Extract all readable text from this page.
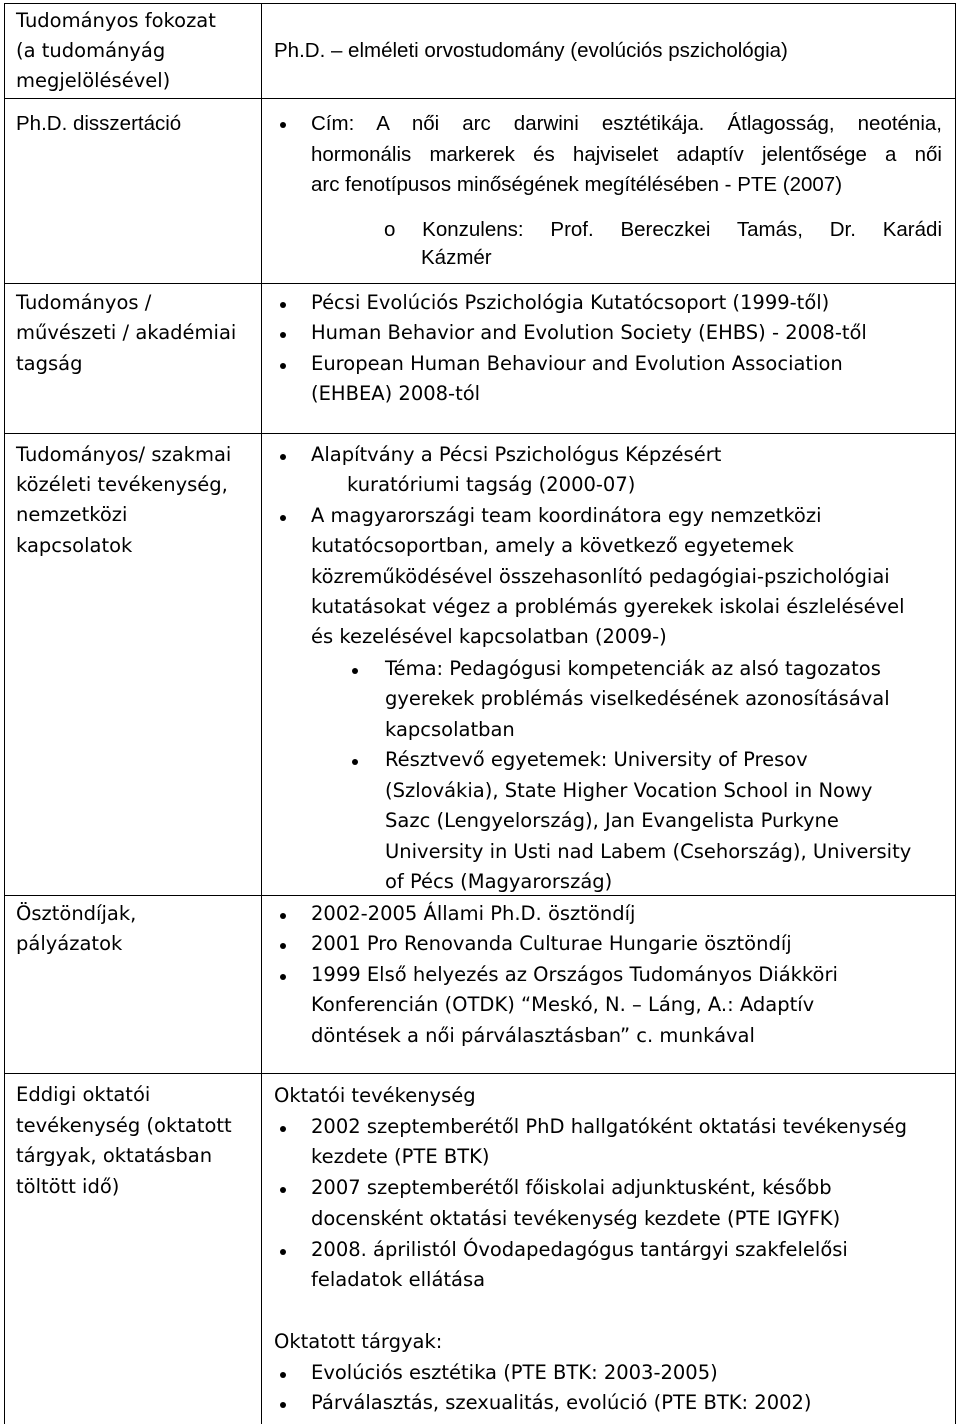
Tudományos fokozat
(a tudományág
megjelölésével)
Ph.D. – elméleti orvostudomány (evolúciós pszichológia)
Ph.D. disszertáció	Cím: A női arc darwini esztétikája. Átlagosság, neoténia,
hormonális markerek és hajviselet adaptív jelentősége a női
arc fenotípusos minőségének megítélésében - PTE (2007)
o Konzulens: Prof. Bereczkei Tamás, Dr. Karádi
Kázmér
Tudományos /
művészeti / akadémiai
tagság
Pécsi Evolúciós Pszichológia Kutatócsoport (1999-től)
Human Behavior and Evolution Society (EHBS) - 2008-től
European Human Behaviour and Evolution Association
(EHBEA) 2008-tól
Tudományos/ szakmai
közéleti tevékenység,
nemzetközi
kapcsolatok
Alapítvány a Pécsi Pszichológus Képzésért
kuratóriumi tagság (2000-07)
A magyarországi team koordinátora egy nemzetközi
kutatócsoportban, amely a következő egyetemek
közreműködésével összehasonlító pedagógiai-pszichológiai
kutatásokat végez a problémás gyerekek iskolai észlelésével
és kezelésével kapcsolatban (2009-)
Téma: Pedagógusi kompetenciák az alsó tagozatos
gyerekek problémás viselkedésének azonosításával
kapcsolatban
Résztvevő egyetemek: University of Presov
(Szlovákia), State Higher Vocation School in Nowy
Sazc (Lengyelország), Jan Evangelista Purkyne
University in Usti nad Labem (Csehország), University
of Pécs (Magyarország)
Ösztöndíjak,
pályázatok
2002-2005 Állami Ph.D. ösztöndíj
2001 Pro Renovanda Culturae Hungarie ösztöndíj
1999 Első helyezés az Országos Tudományos Diákköri
Konferencián (OTDK) “Meskó, N. – Láng, A.: Adaptív
döntések a női párválasztásban” c. munkával
Eddigi oktatói
tevékenység (oktatott
tárgyak, oktatásban
töltött idő)
Oktatói tevékenység
2002 szeptemberétől PhD hallgatóként oktatási tevékenység
kezdete (PTE BTK)
2007 szeptemberétől főiskolai adjunktusként, később
docensként oktatási tevékenység kezdete (PTE IGYFK)
2008. áprilistól Óvodapedagógus tantárgyi szakfelelősi
feladatok ellátása
Oktatott tárgyak:
Evolúciós esztétika (PTE BTK: 2003-2005)
Párválasztás, szexualitás, evolúció (PTE BTK: 2002)
